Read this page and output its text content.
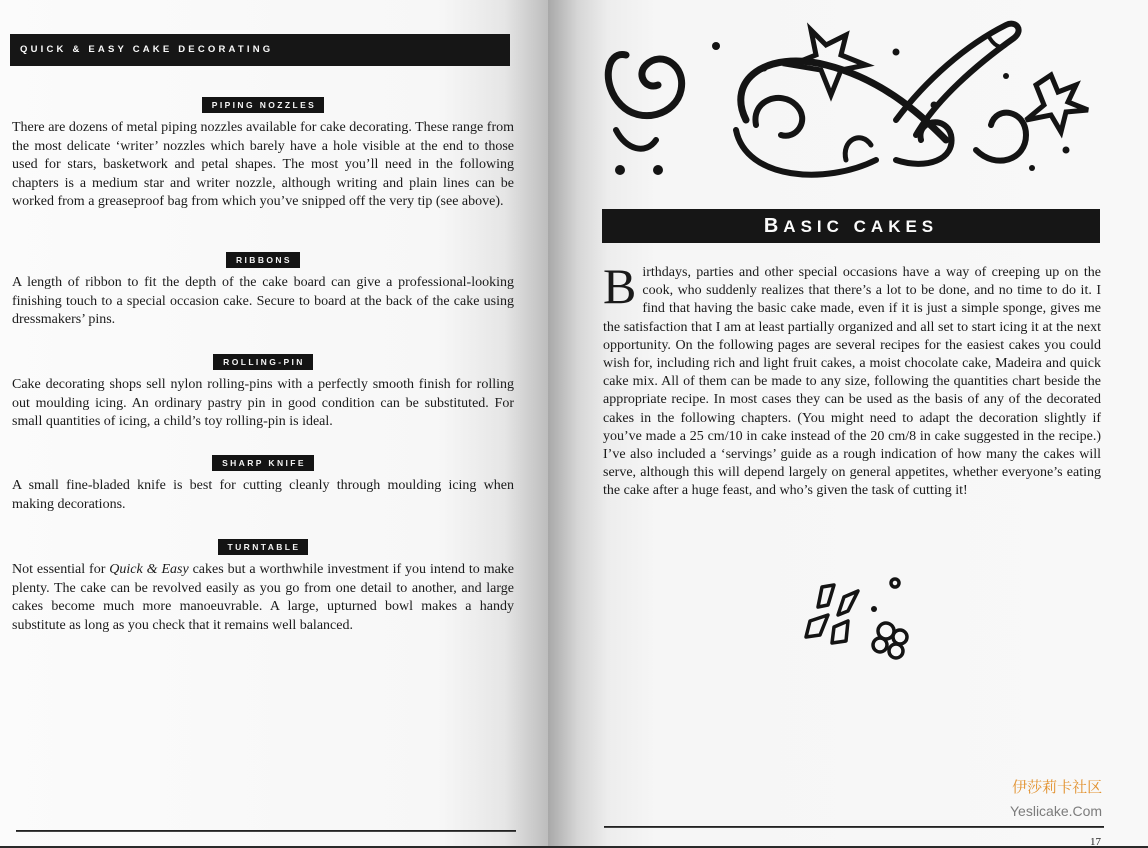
QUICK & EASY CAKE DECORATING
PIPING NOZZLES

There are dozens of metal piping nozzles available for cake decorating. These range from the most delicate ‘writer’ nozzles which barely have a hole visible at the end to those used for stars, basketwork and petal shapes. The most you’ll need in the following chapters is a medium star and writer nozzle, although writing and plain lines can be worked from a greaseproof bag from which you’ve snipped off the very tip (see above).

RIBBONS

A length of ribbon to fit the depth of the cake board can give a professional-looking finishing touch to a special occasion cake. Secure to board at the back of the cake using dressmakers’ pins.

ROLLING-PIN

Cake decorating shops sell nylon rolling-pins with a perfectly smooth finish for rolling out moulding icing. An ordinary pastry pin in good condition can be substituted. For small quantities of icing, a child’s toy rolling-pin is ideal.

SHARP KNIFE

A small fine-bladed knife is best for cutting cleanly through moulding icing when making decorations.

TURNTABLE

Not essential for Quick & Easy cakes but a worthwhile investment if you intend to make plenty. The cake can be revolved easily as you go from one detail to another, and large cakes become much more manoeuvrable. A large, upturned bowl makes a handy substitute as long as you check that it remains well balanced.

BASIC CAKES

Birthdays, parties and other special occasions have a way of creeping up on the cook, who suddenly realizes that there’s a lot to be done, and no time to do it. I find that having the basic cake made, even if it is just a simple sponge, gives me the satisfaction that I am at least partially organized and all set to start icing it at the next opportunity. On the following pages are several recipes for the easiest cakes you could wish for, including rich and light fruit cakes, a moist chocolate cake, Madeira and quick cake mix. All of them can be made to any size, following the quantities chart beside the appropriate recipe. In most cases they can be used as the basis of any of the decorated cakes in the following chapters. (You might need to adapt the decoration slightly if you’ve made a 25 cm/10 in cake instead of the 20 cm/8 in cake suggested in the recipe.) I’ve also included a ‘servings’ guide as a rough indication of how many the cakes will serve, although this will depend largely on general appetites, whether everyone’s eating the cake after a huge feast, and who’s given the task of cutting it!

伊莎莉卡社区
Yeslicake.Com
17
